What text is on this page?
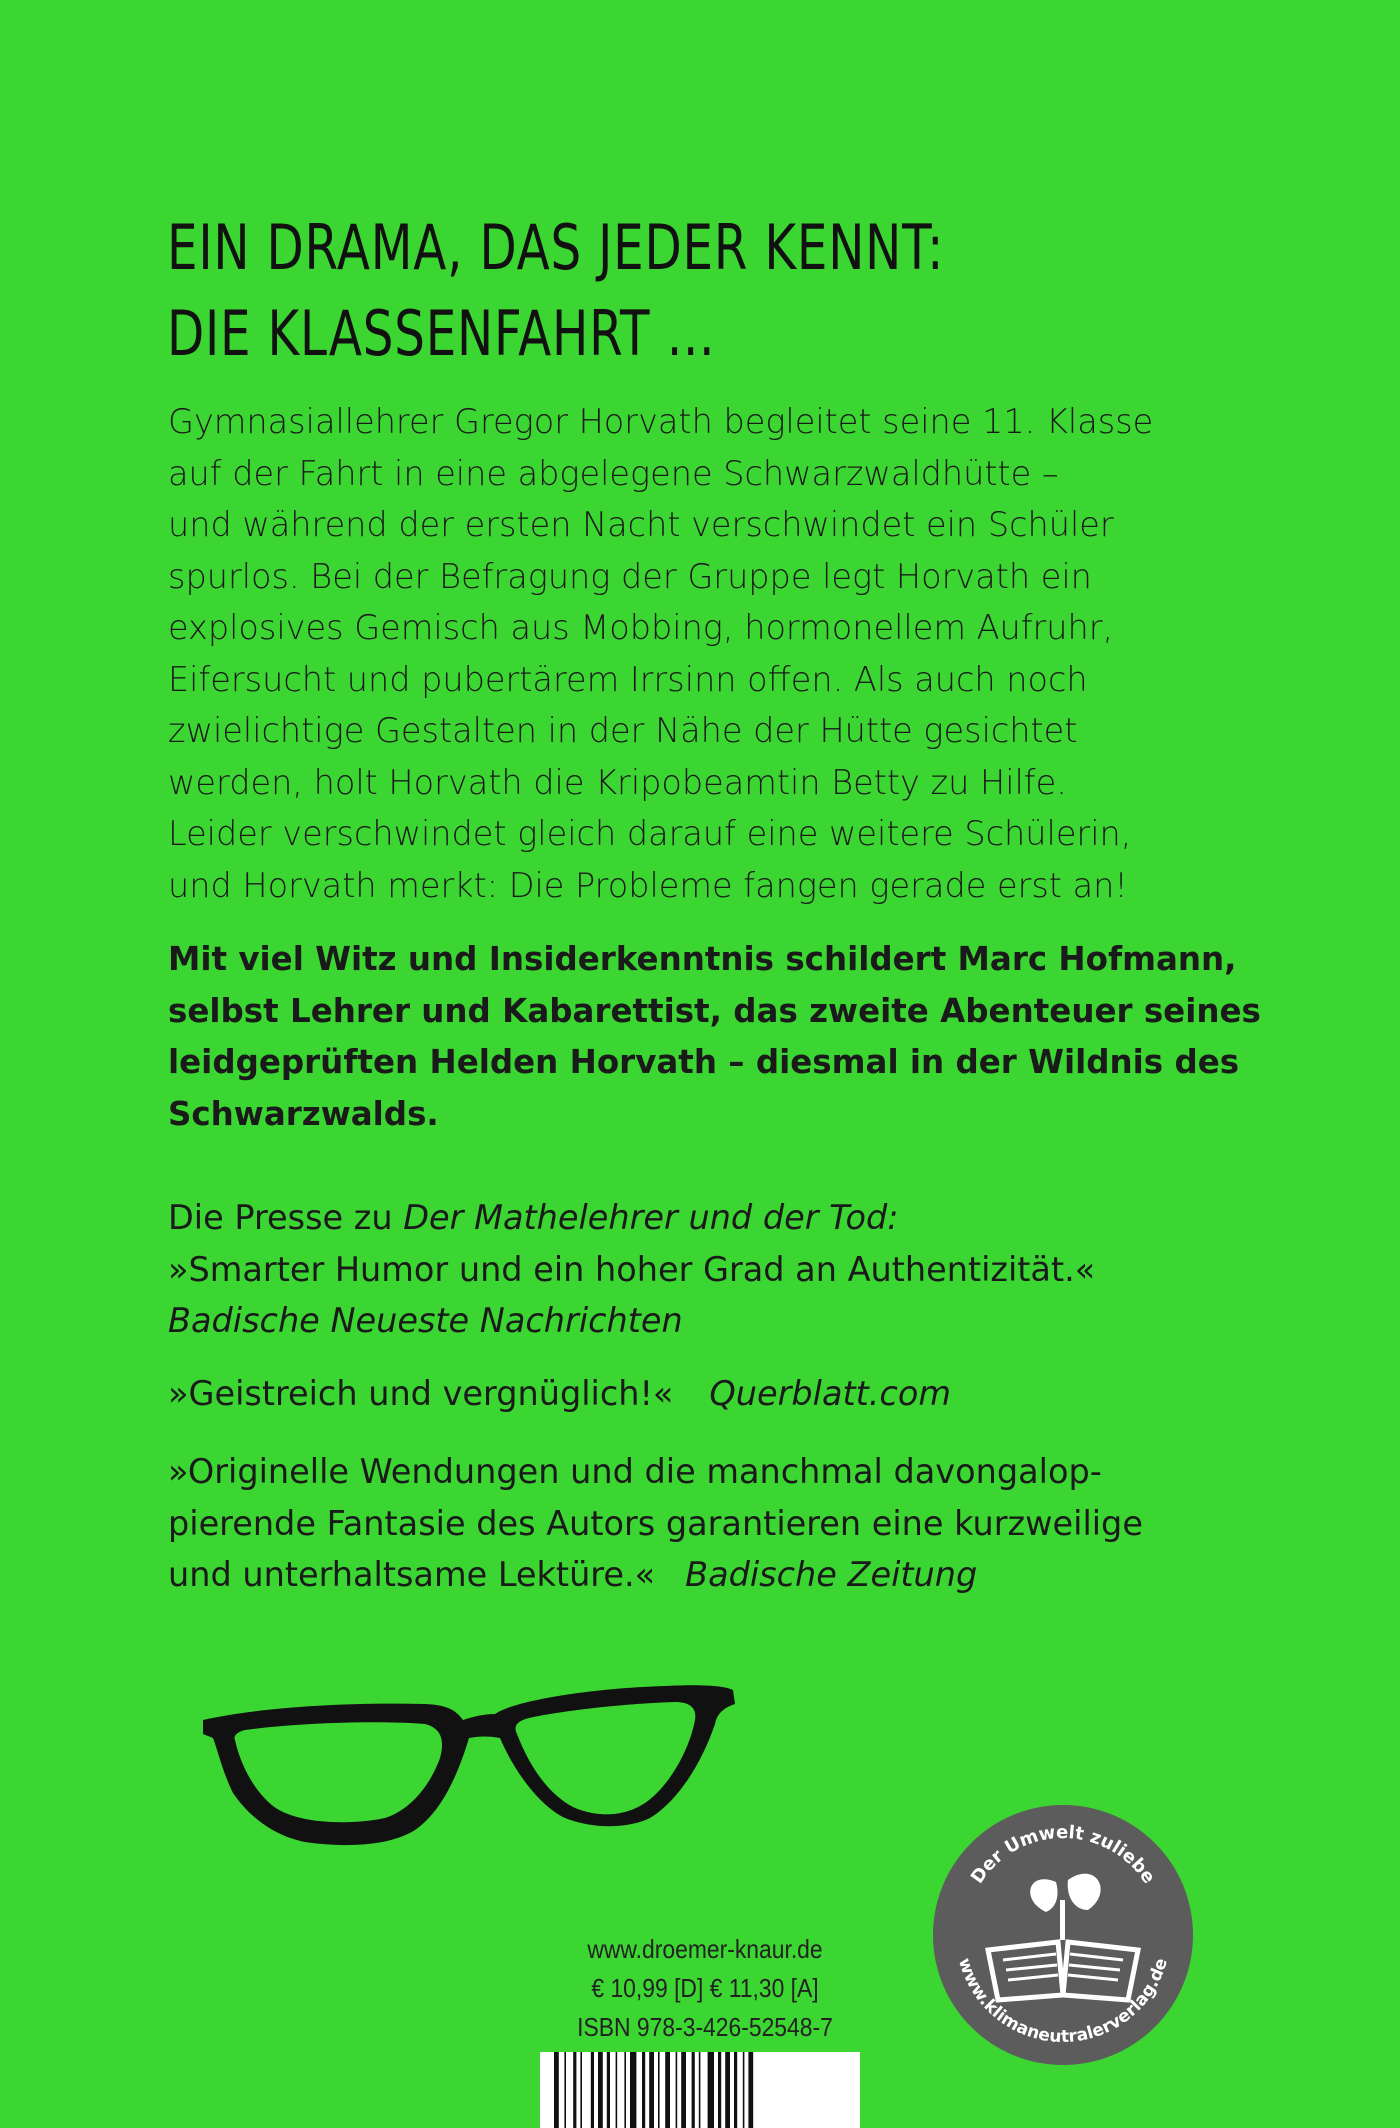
EIN DRAMA, DAS JEDER KENNT:
DIE KLASSENFAHRT …
Gymnasiallehrer Gregor Horvath begleitet seine 11. Klasse
auf der Fahrt in eine abgelegene Schwarzwaldhütte –
und während der ersten Nacht verschwindet ein Schüler
spurlos. Bei der Befragung der Gruppe legt Horvath ein
explosives Gemisch aus Mobbing, hormonellem Aufruhr,
Eifersucht und pubertärem Irrsinn offen. Als auch noch
zwielichtige Gestalten in der Nähe der Hütte gesichtet
werden, holt Horvath die Kripobeamtin Betty zu Hilfe.
Leider verschwindet gleich darauf eine weitere Schülerin,
und Horvath merkt: Die Probleme fangen gerade erst an!
Mit viel Witz und Insiderkenntnis schildert Marc Hofmann,
selbst Lehrer und Kabarettist, das zweite Abenteuer seines
leidgeprüften Helden Horvath – diesmal in der Wildnis des
Schwarzwalds.
Die Presse zu Der Mathelehrer und der Tod:
»Smarter Humor und ein hoher Grad an Authentizität.«
Badische Neueste Nachrichten
»Geistreich und vergnüglich!« Querblatt.com
»Originelle Wendungen und die manchmal davongalop-
pierende Fantasie des Autors garantieren eine kurzweilige
und unterhaltsame Lektüre.« Badische Zeitung
Der Umwelt zuliebe
www.klimaneutralerverlag.de
www.droemer-knaur.de
€ 10,99 [D] € 11,30 [A]
ISBN 978-3-426-52548-7
